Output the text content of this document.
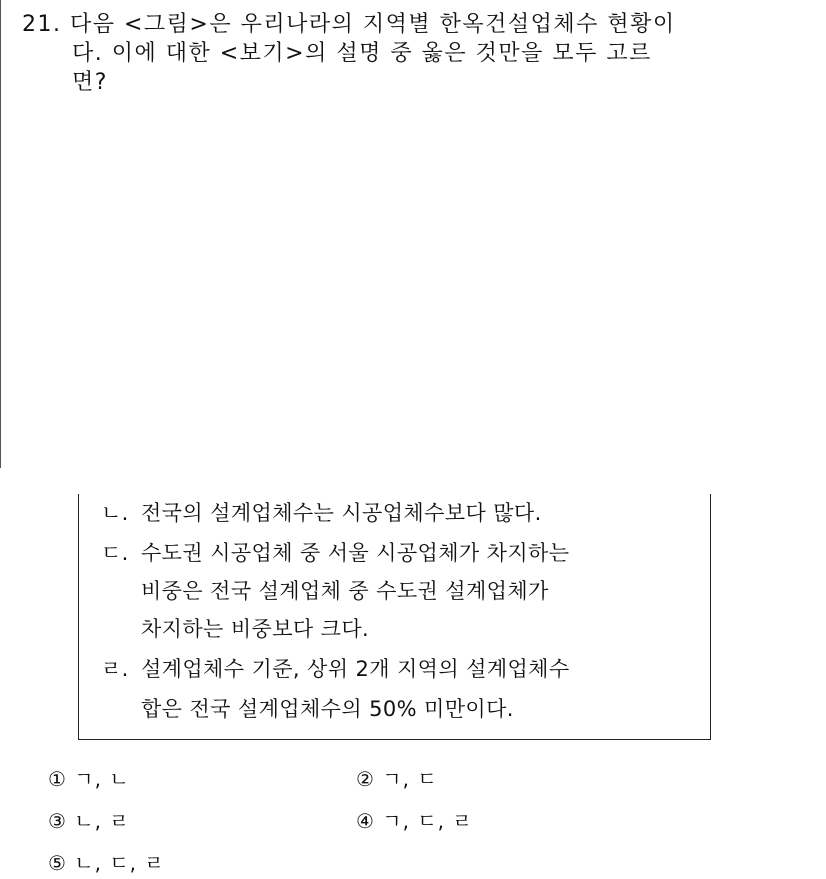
21. 다음 <그림>은 우리나라의 지역별 한옥건설업체수 현황이
다. 이에 대한 <보기>의 설명 중 옳은 것만을 모두 고르
면?
ㄴ. 전국의 설계업체수는 시공업체수보다 많다.
ㄷ. 수도권 시공업체 중 서울 시공업체가 차지하는
비중은 전국 설계업체 중 수도권 설계업체가
차지하는 비중보다 크다.
ㄹ. 설계업체수 기준, 상위 2개 지역의 설계업체수
합은 전국 설계업체수의 50% 미만이다.
① ㄱ, ㄴ	② ㄱ, ㄷ
③ ㄴ, ㄹ	④ ㄱ, ㄷ, ㄹ
⑤ ㄴ, ㄷ, ㄹ
